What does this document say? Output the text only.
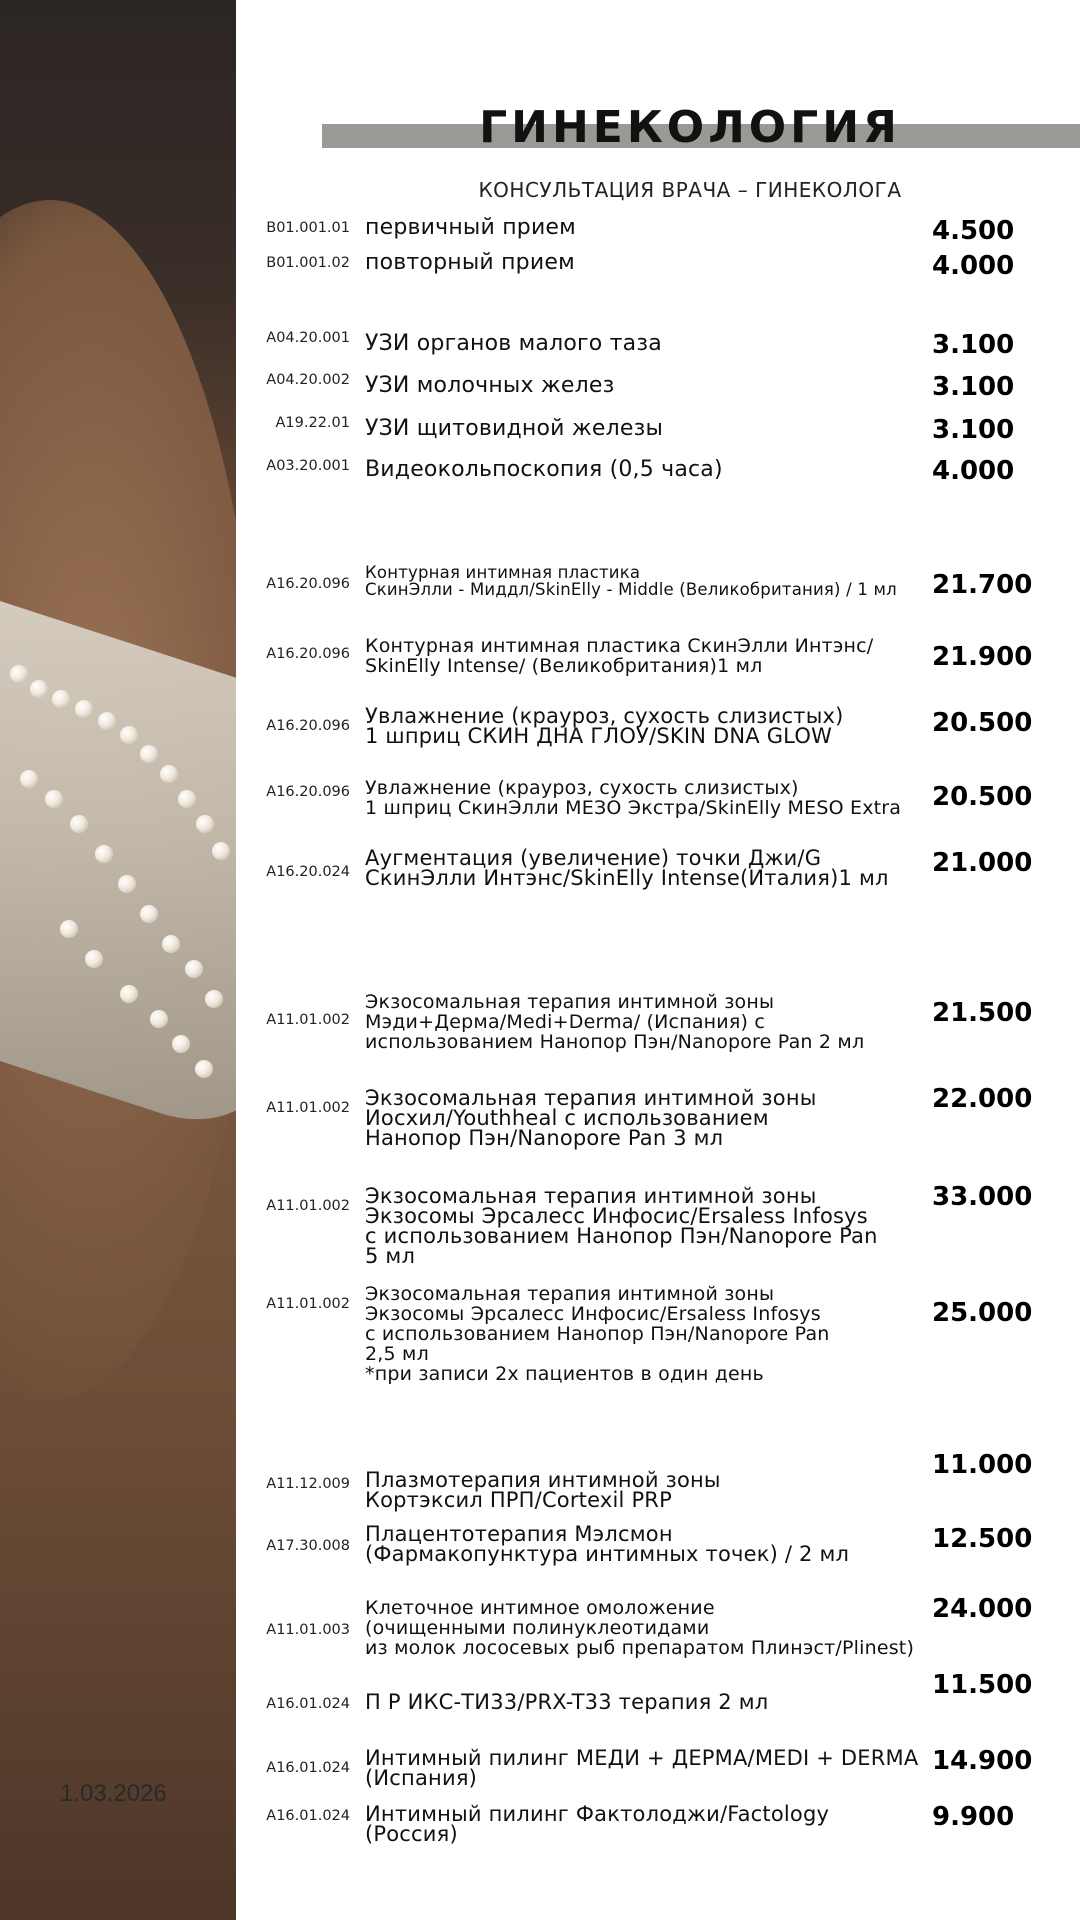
1.03.2026
ГИНЕКОЛОГИЯ
КОНСУЛЬТАЦИЯ ВРАЧА – ГИНЕКОЛОГА
B01.001.01 первичный прием	4.500
B01.001.02 повторный прием	4.000
A04.20.001 УЗИ органов малого таза	3.100
A04.20.002 УЗИ молочных желез	3.100
A19.22.01 УЗИ щитовидной железы	3.100
A03.20.001 Видеокольпоскопия (0,5 часа)	4.000
A16.20.096
Контурная интимная пластика
СкинЭлли - Миддл/SkinElly - Middle (Великобритания) / 1 мл	21.700
A16.20.096 Контурная интимная пластика СкинЭлли Интэнс/
SkinElly Intense/ (Великобритания)1 мл	21.900
A16.20.096 Увлажнение (крауроз, сухость слизистых)
1 шприц СКИН ДНА ГЛОУ/SKIN DNA GLOW	20.500
A16.20.096 Увлажнение (крауроз, сухость слизистых)
1 шприц СкинЭлли МЕЗО Экстра/SkinElly MESO Extra	20.500
A16.20.024
Аугментация (увеличение) точки Джи/G
СкинЭлли Интэнс/SkinElly Intense(Италия)1 мл	21.000
A11.01.002
Экзосомальная терапия интимной зоны
Мэди+Дерма/Medi+Derma/ (Испания) с
использованием Нанопор Пэн/Nanopore Pan 2 мл
21.500
A11.01.002 Экзосомальная терапия интимной зоны
Иосхил/Youthheal с использованием
Нанопор Пэн/Nanopore Pan 3 мл
22.000
A11.01.002 Экзосомальная терапия интимной зоны
Экзосомы Эрсалесс Инфосис/Ersaless Infosys
с использованием Нанопор Пэн/Nanopore Pan
5 мл
33.000
A11.01.002 Экзосомальная терапия интимной зоны
Экзосомы Эрсалесс Инфосис/Ersaless Infosys
с использованием Нанопор Пэн/Nanopore Pan
2,5 мл
*при записи 2х пациентов в один день
25.000
A11.12.009 Плазмотерапия интимной зоны
Кортэксил ПРП/Cortexil PRP
11.000
A17.30.008 Плацентотерапия Мэлсмон
(Фармакопунктура интимных точек) / 2 мл	12.500
A11.01.003
Клеточное интимное омоложение
(очищенными полинуклеотидами
из молок лососевых рыб препаратом Плинэст/Plinest)
24.000
A16.01.024 П Р ИКС-ТИ33/PRX-T33 терапия 2 мл
11.500
A16.01.024 Интимный пилинг МЕДИ + ДЕРМА/MEDI + DERMA
(Испания)
14.900
A16.01.024 Интимный пилинг Фактолоджи/Factology
(Россия)
9.900
